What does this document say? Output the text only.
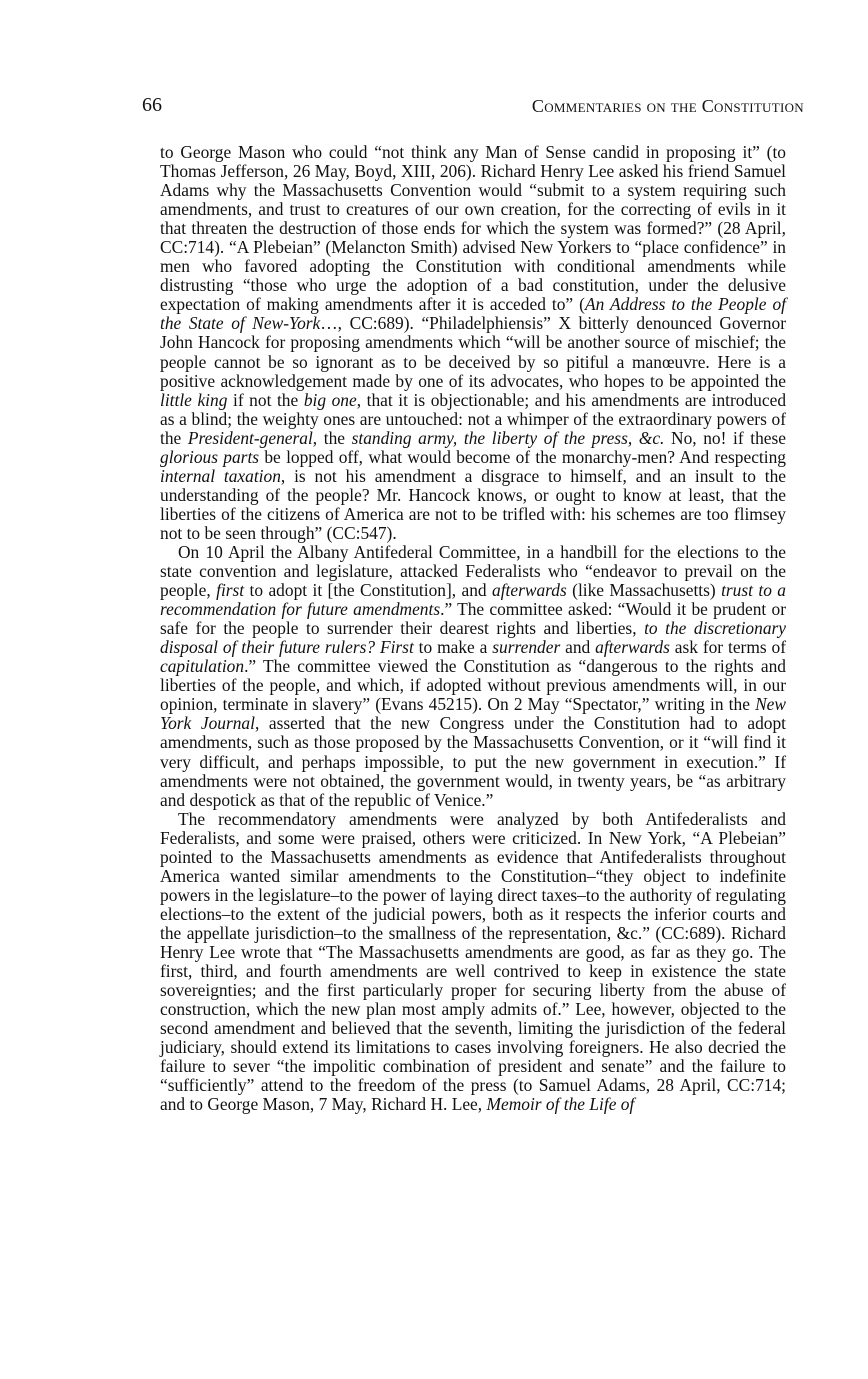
66	Commentaries on the Constitution

to George Mason who could “not think any Man of Sense candid in proposing it” (to Thomas Jefferson, 26 May, Boyd, XIII, 206). Richard Henry Lee asked his friend Samuel Adams why the Massachusetts Convention would “submit to a system requiring such amendments, and trust to creatures of our own creation, for the correcting of evils in it that threaten the destruction of those ends for which the system was formed?” (28 April, CC:714). “A Plebeian” (Melancton Smith) advised New Yorkers to “place confidence” in men who favored adopting the Constitution with conditional amendments while distrusting “those who urge the adoption of a bad constitution, under the delusive expectation of making amendments after it is acceded to” (An Address to the People of the State of New-York…, CC:689). “Philadelphiensis” X bitterly denounced Governor John Hancock for proposing amendments which “will be another source of mischief; the people cannot be so ignorant as to be deceived by so pitiful a manœuvre. Here is a positive acknowledgement made by one of its advocates, who hopes to be appointed the little king if not the big one, that it is objectionable; and his amendments are introduced as a blind; the weighty ones are untouched: not a whimper of the extraordinary powers of the President-general, the standing army, the liberty of the press, &c. No, no! if these glorious parts be lopped off, what would become of the monarchy-men? And respecting internal taxation, is not his amendment a disgrace to himself, and an insult to the understanding of the people? Mr. Hancock knows, or ought to know at least, that the liberties of the citizens of America are not to be trifled with: his schemes are too flimsey not to be seen through” (CC:547).

On 10 April the Albany Antifederal Committee, in a handbill for the elections to the state convention and legislature, attacked Federalists who “endeavor to prevail on the people, first to adopt it [the Constitution], and afterwards (like Massachusetts) trust to a recommendation for future amendments.” The committee asked: “Would it be prudent or safe for the people to surrender their dearest rights and liberties, to the discretionary disposal of their future rulers? First to make a surrender and afterwards ask for terms of capitulation.” The committee viewed the Constitution as “dangerous to the rights and liberties of the people, and which, if adopted without previous amendments will, in our opinion, terminate in slavery” (Evans 45215). On 2 May “Spectator,” writing in the New York Journal, asserted that the new Congress under the Constitution had to adopt amendments, such as those proposed by the Massachusetts Convention, or it “will find it very difficult, and perhaps impossible, to put the new government in execution.” If amendments were not obtained, the government would, in twenty years, be “as arbitrary and despotick as that of the republic of Venice.”

The recommendatory amendments were analyzed by both Antifederalists and Federalists, and some were praised, others were criticized. In New York, “A Plebeian” pointed to the Massachusetts amendments as evidence that Antifederalists throughout America wanted similar amendments to the Constitution–“they object to indefinite powers in the legislature–to the power of laying direct taxes–to the authority of regulating elections–to the extent of the judicial powers, both as it respects the inferior courts and the appellate jurisdiction–to the smallness of the representation, &c.” (CC:689). Richard Henry Lee wrote that “The Massachusetts amendments are good, as far as they go. The first, third, and fourth amendments are well contrived to keep in existence the state sovereignties; and the first particularly proper for securing liberty from the abuse of construction, which the new plan most amply admits of.” Lee, however, objected to the second amendment and believed that the seventh, limiting the jurisdiction of the federal judiciary, should extend its limitations to cases involving foreigners. He also decried the failure to sever “the impolitic combination of president and senate” and the failure to “sufficiently” attend to the freedom of the press (to Samuel Adams, 28 April, CC:714; and to George Mason, 7 May, Richard H. Lee, Memoir of the Life of
